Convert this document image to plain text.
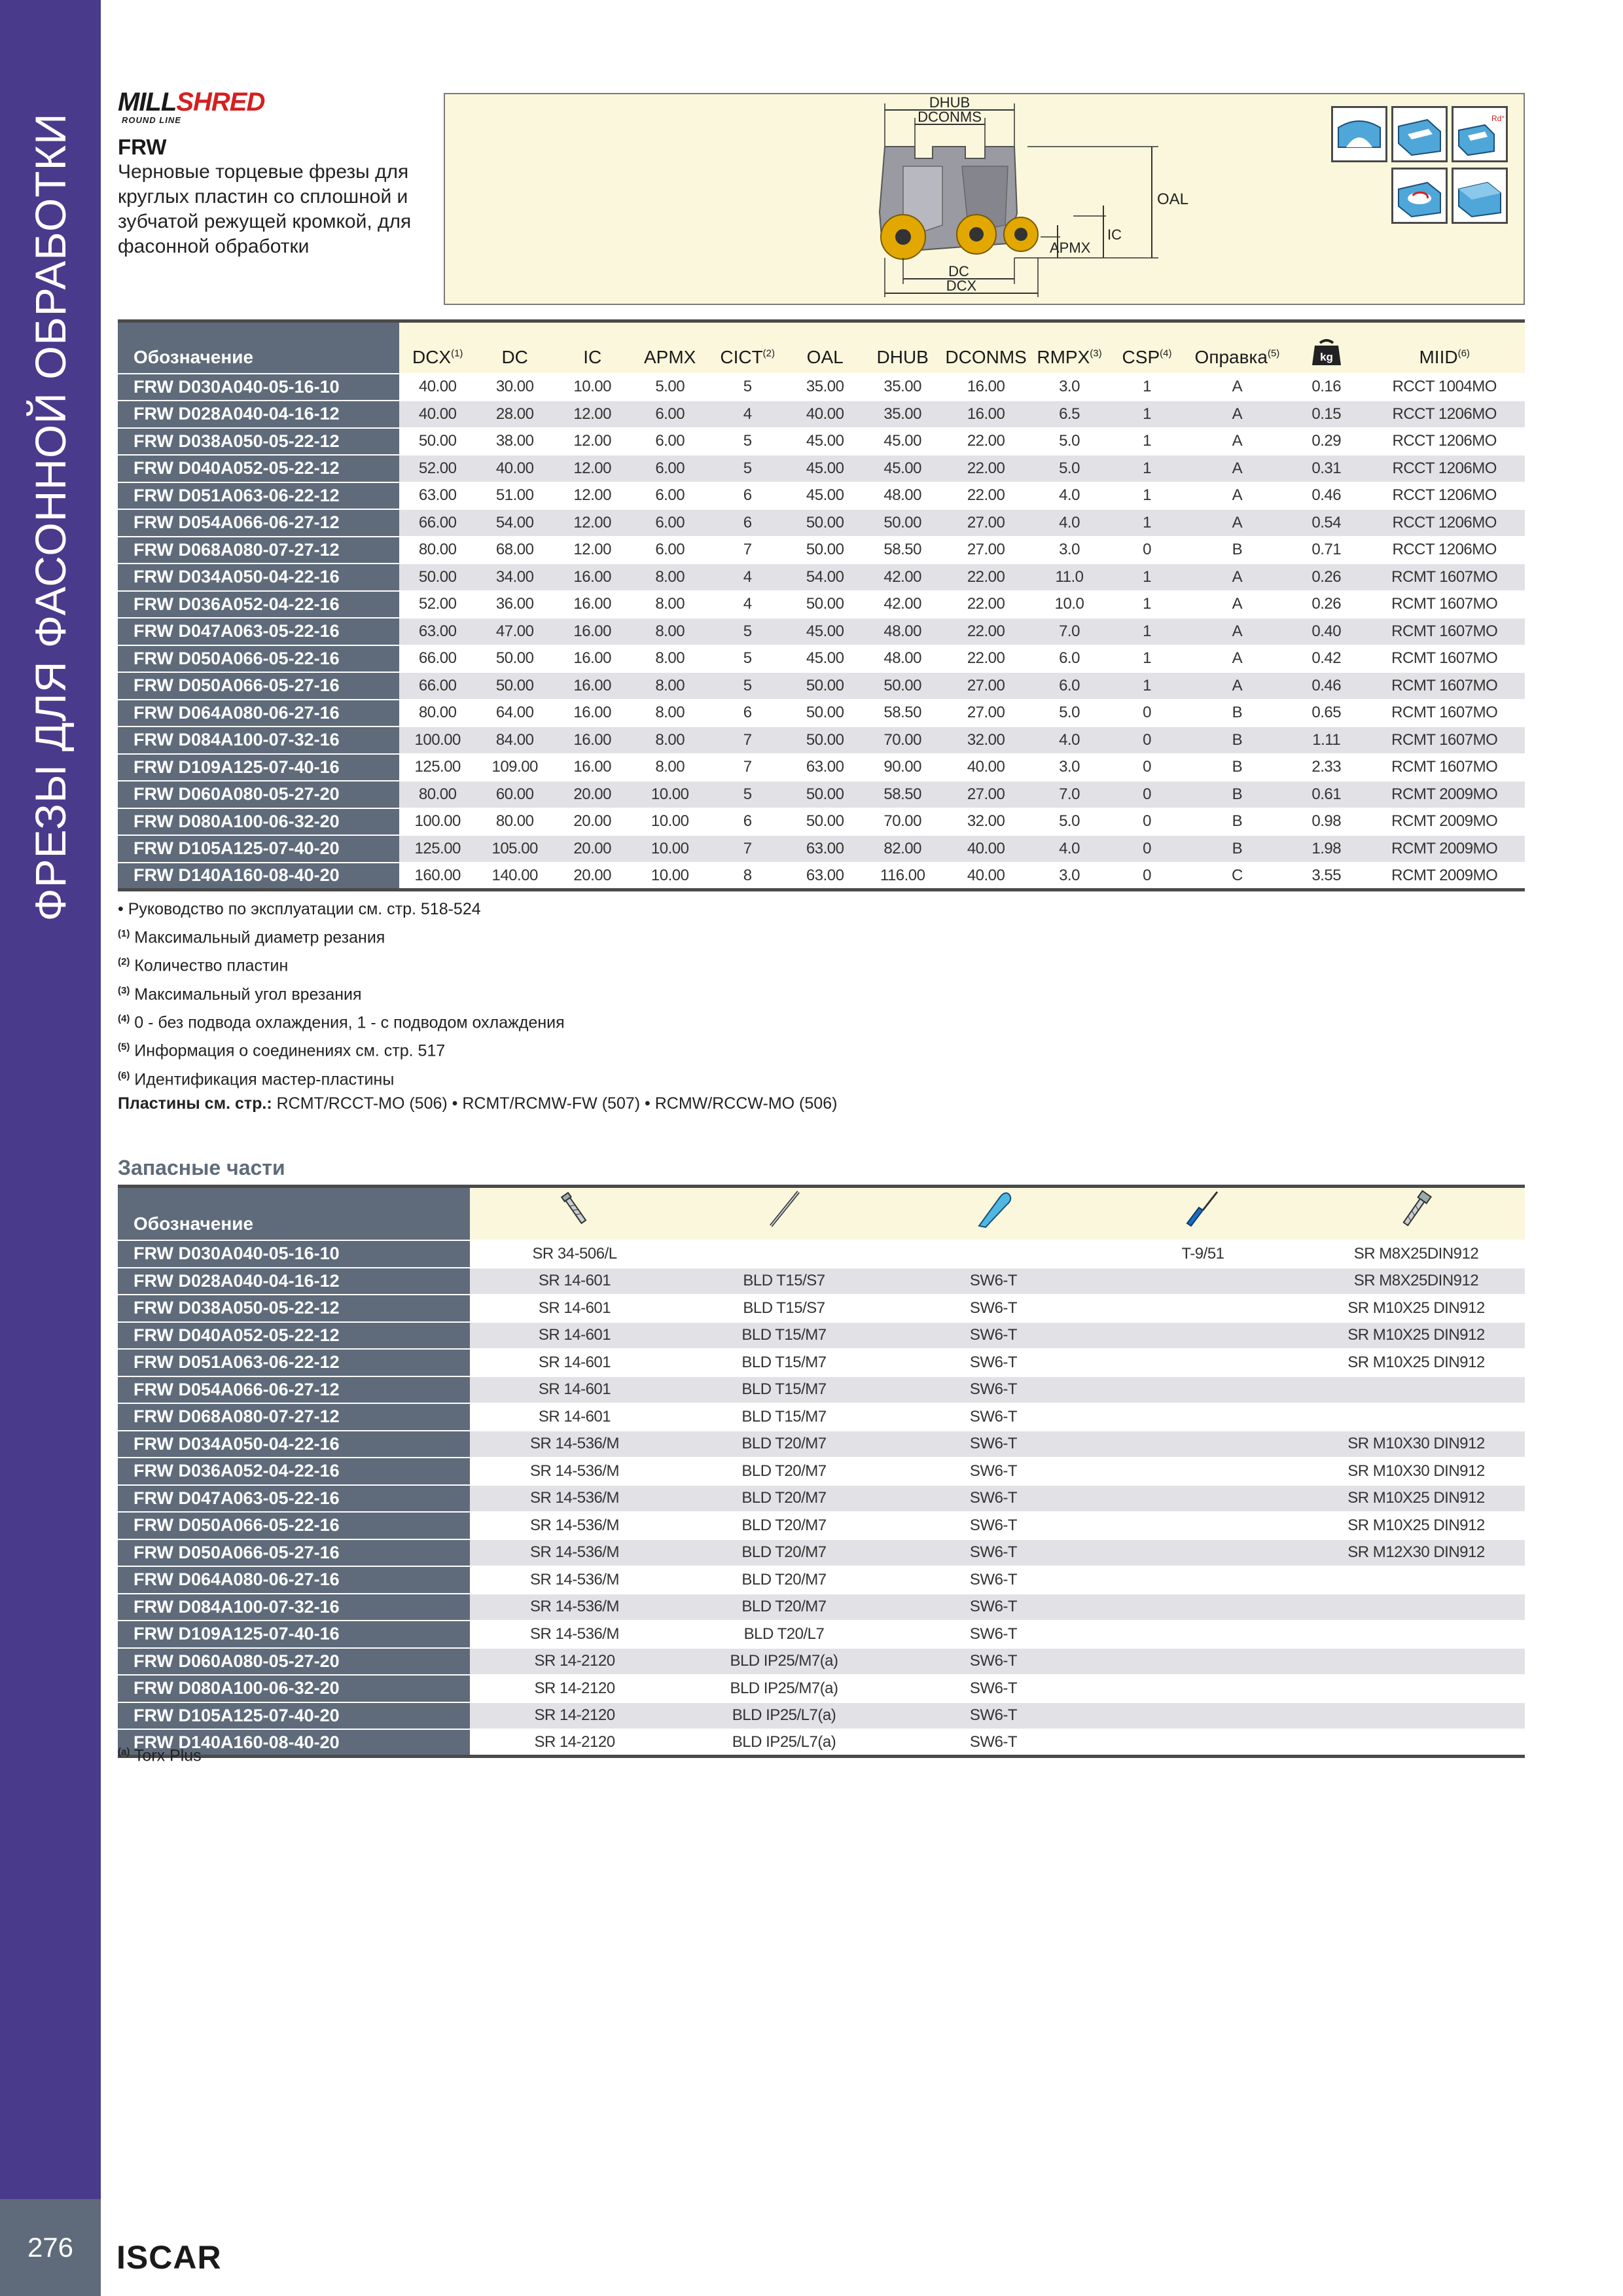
ФРЕЗЫ ДЛЯ ФАСОННОЙ ОБРАБОТКИ
276	ISCAR
MILLSHRED
ROUND LINE
FRW
Черновые торцевые фрезы для круглых пластин со сплошной и зубчатой режущей кромкой, для фасонной обработки
DHUB
DCONMS
OAL
IC
APMX
DC
DCX
Rd°
Обозначение	DCX$^{(1)}$	DC	IC	APMX	CICT$^{(2)}$	OAL	DHUB	DCONMS	RMPX$^{(3)}$	CSP$^{(4)}$	Оправка$^{(5)}$	kg	MIID$^{(6)}$
FRW D030A040-05-16-10	40.00	30.00	10.00	5.00	5	35.00	35.00	16.00	3.0	1	A	0.16	RCCT 1004MO
FRW D028A040-04-16-12	40.00	28.00	12.00	6.00	4	40.00	35.00	16.00	6.5	1	A	0.15	RCCT 1206MO
FRW D038A050-05-22-12	50.00	38.00	12.00	6.00	5	45.00	45.00	22.00	5.0	1	A	0.29	RCCT 1206MO
FRW D040A052-05-22-12	52.00	40.00	12.00	6.00	5	45.00	45.00	22.00	5.0	1	A	0.31	RCCT 1206MO
FRW D051A063-06-22-12	63.00	51.00	12.00	6.00	6	45.00	48.00	22.00	4.0	1	A	0.46	RCCT 1206MO
FRW D054A066-06-27-12	66.00	54.00	12.00	6.00	6	50.00	50.00	27.00	4.0	1	A	0.54	RCCT 1206MO
FRW D068A080-07-27-12	80.00	68.00	12.00	6.00	7	50.00	58.50	27.00	3.0	0	B	0.71	RCCT 1206MO
FRW D034A050-04-22-16	50.00	34.00	16.00	8.00	4	54.00	42.00	22.00	11.0	1	A	0.26	RCMT 1607MO
FRW D036A052-04-22-16	52.00	36.00	16.00	8.00	4	50.00	42.00	22.00	10.0	1	A	0.26	RCMT 1607MO
FRW D047A063-05-22-16	63.00	47.00	16.00	8.00	5	45.00	48.00	22.00	7.0	1	A	0.40	RCMT 1607MO
FRW D050A066-05-22-16	66.00	50.00	16.00	8.00	5	45.00	48.00	22.00	6.0	1	A	0.42	RCMT 1607MO
FRW D050A066-05-27-16	66.00	50.00	16.00	8.00	5	50.00	50.00	27.00	6.0	1	A	0.46	RCMT 1607MO
FRW D064A080-06-27-16	80.00	64.00	16.00	8.00	6	50.00	58.50	27.00	5.0	0	B	0.65	RCMT 1607MO
FRW D084A100-07-32-16	100.00	84.00	16.00	8.00	7	50.00	70.00	32.00	4.0	0	B	1.11	RCMT 1607MO
FRW D109A125-07-40-16	125.00	109.00	16.00	8.00	7	63.00	90.00	40.00	3.0	0	B	2.33	RCMT 1607MO
FRW D060A080-05-27-20	80.00	60.00	20.00	10.00	5	50.00	58.50	27.00	7.0	0	B	0.61	RCMT 2009MO
FRW D080A100-06-32-20	100.00	80.00	20.00	10.00	6	50.00	70.00	32.00	5.0	0	B	0.98	RCMT 2009MO
FRW D105A125-07-40-20	125.00	105.00	20.00	10.00	7	63.00	82.00	40.00	4.0	0	B	1.98	RCMT 2009MO
FRW D140A160-08-40-20	160.00	140.00	20.00	10.00	8	63.00	116.00	40.00	3.0	0	C	3.55	RCMT 2009MO
• Руководство по эксплуатации см. стр. 518-524
$^{(1)}$ Максимальный диаметр резания
$^{(2)}$ Количество пластин
$^{(3)}$ Максимальный угол врезания
$^{(4)}$ 0 - без подвода охлаждения, 1 - с подводом охлаждения
$^{(5)}$ Информация о соединениях см. стр. 517
$^{(6)}$ Идентификация мастер-пластины
Пластины см. стр.: RCMT/RCCT-MO (506) • RCMT/RCMW-FW (507) • RCMW/RCCW-MO (506)
Запасные части
Обозначение					
FRW D030A040-05-16-10	SR 34-506/L			T-9/51	SR M8X25DIN912
FRW D028A040-04-16-12	SR 14-601	BLD T15/S7	SW6-T		SR M8X25DIN912
FRW D038A050-05-22-12	SR 14-601	BLD T15/S7	SW6-T		SR M10X25 DIN912
FRW D040A052-05-22-12	SR 14-601	BLD T15/M7	SW6-T		SR M10X25 DIN912
FRW D051A063-06-22-12	SR 14-601	BLD T15/M7	SW6-T		SR M10X25 DIN912
FRW D054A066-06-27-12	SR 14-601	BLD T15/M7	SW6-T		
FRW D068A080-07-27-12	SR 14-601	BLD T15/M7	SW6-T		
FRW D034A050-04-22-16	SR 14-536/M	BLD T20/M7	SW6-T		SR M10X30 DIN912
FRW D036A052-04-22-16	SR 14-536/M	BLD T20/M7	SW6-T		SR M10X30 DIN912
FRW D047A063-05-22-16	SR 14-536/M	BLD T20/M7	SW6-T		SR M10X25 DIN912
FRW D050A066-05-22-16	SR 14-536/M	BLD T20/M7	SW6-T		SR M10X25 DIN912
FRW D050A066-05-27-16	SR 14-536/M	BLD T20/M7	SW6-T		SR M12X30 DIN912
FRW D064A080-06-27-16	SR 14-536/M	BLD T20/M7	SW6-T		
FRW D084A100-07-32-16	SR 14-536/M	BLD T20/M7	SW6-T		
FRW D109A125-07-40-16	SR 14-536/M	BLD T20/L7	SW6-T		
FRW D060A080-05-27-20	SR 14-2120	BLD IP25/M7(a)	SW6-T		
FRW D080A100-06-32-20	SR 14-2120	BLD IP25/M7(a)	SW6-T		
FRW D105A125-07-40-20	SR 14-2120	BLD IP25/L7(a)	SW6-T		
FRW D140A160-08-40-20	SR 14-2120	BLD IP25/L7(a)	SW6-T		
$^{(a)}$ Torx Plus
